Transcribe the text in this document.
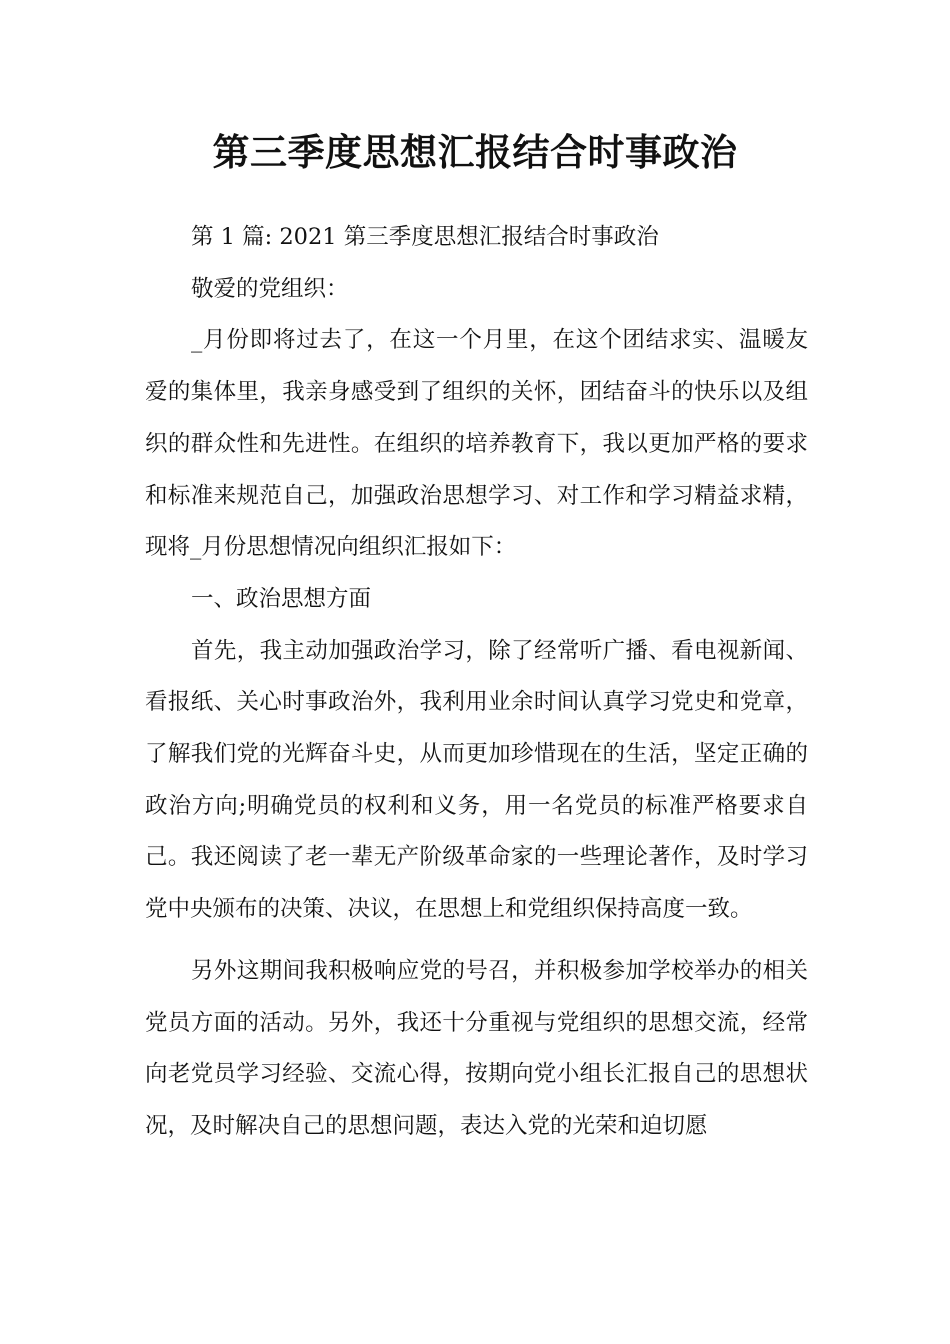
第三季度思想汇报结合时事政治

第 1 篇: 2021 第三季度思想汇报结合时事政治

敬爱的党组织：

_月份即将过去了，在这一个月里，在这个团结求实、温暖友爱的集体里，我亲身感受到了组织的关怀，团结奋斗的快乐以及组织的群众性和先进性。在组织的培养教育下，我以更加严格的要求和标准来规范自己，加强政治思想学习、对工作和学习精益求精，现将_月份思想情况向组织汇报如下：

一、政治思想方面

首先，我主动加强政治学习，除了经常听广播、看电视新闻、看报纸、关心时事政治外，我利用业余时间认真学习党史和党章，了解我们党的光辉奋斗史，从而更加珍惜现在的生活，坚定正确的政治方向;明确党员的权利和义务，用一名党员的标准严格要求自己。我还阅读了老一辈无产阶级革命家的一些理论著作，及时学习党中央颁布的决策、决议，在思想上和党组织保持高度一致。

另外这期间我积极响应党的号召，并积极参加学校举办的相关党员方面的活动。另外，我还十分重视与党组织的思想交流，经常向老党员学习经验、交流心得，按期向党小组长汇报自己的思想状况，及时解决自己的思想问题，表达入党的光荣和迫切愿
